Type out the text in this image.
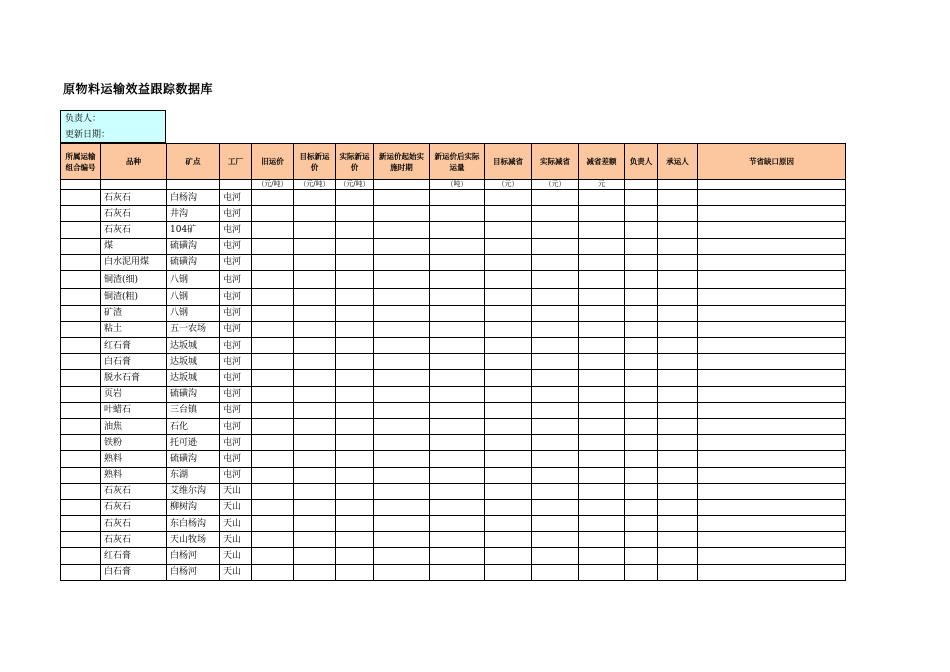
原物料运输效益跟踪数据库
负责人：
更新日期：
所属运输组合编号	品种	矿点	工厂	旧运价	目标新运价	实际新运价	新运价起始实施时期	新运价后实际运量	目标减省	实际减省	减省差额	负责人	承运人	节省缺口原因
				（元/吨）	（元/吨）	（元/吨）		（吨）	（元）	（元）	元			
	石灰石	白杨沟	屯河											
	石灰石	井沟	屯河											
	石灰石	104矿	屯河											
	煤	硫磺沟	屯河											
	白水泥用煤	硫磺沟	屯河											
	铜渣(细)	八钢	屯河											
	铜渣(粗)	八钢	屯河											
	矿渣	八钢	屯河											
	粘土	五一农场	屯河											
	红石膏	达坂城	屯河											
	白石膏	达坂城	屯河											
	脱水石膏	达坂城	屯河											
	页岩	硫磺沟	屯河											
	叶蜡石	三台镇	屯河											
	油焦	石化	屯河											
	铁粉	托可逊	屯河											
	熟料	硫磺沟	屯河											
	熟料	东湖	屯河											
	石灰石	艾维尔沟	天山											
	石灰石	柳树沟	天山											
	石灰石	东白杨沟	天山											
	石灰石	天山牧场	天山											
	红石膏	白杨河	天山											
	白石膏	白杨河	天山											
